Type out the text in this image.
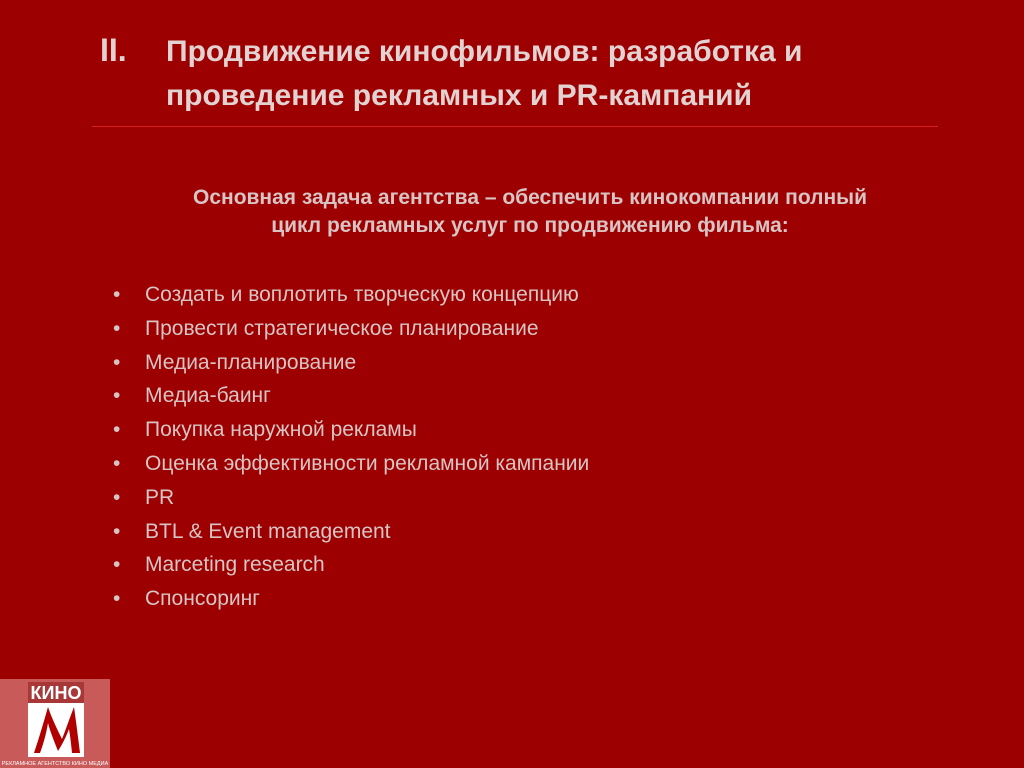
II. Продвижение кинофильмов: разработка и
проведение рекламных и PR-кампаний
Основная задача агентства – обеспечить кинокомпании полный
цикл рекламных услуг по продвижению фильма:
•	Создать и воплотить творческую концепцию
•	Провести стратегическое планирование
•	Медиа-планирование
•	Медиа-баинг
•	Покупка наружной рекламы
•	Оценка эффективности рекламной кампании
•	PR
•	BTL & Event management
•	Marceting research
•	Спонсоринг
КИНО
РЕКЛАМНОЕ АГЕНТСТВО КИНО МЕДИА
